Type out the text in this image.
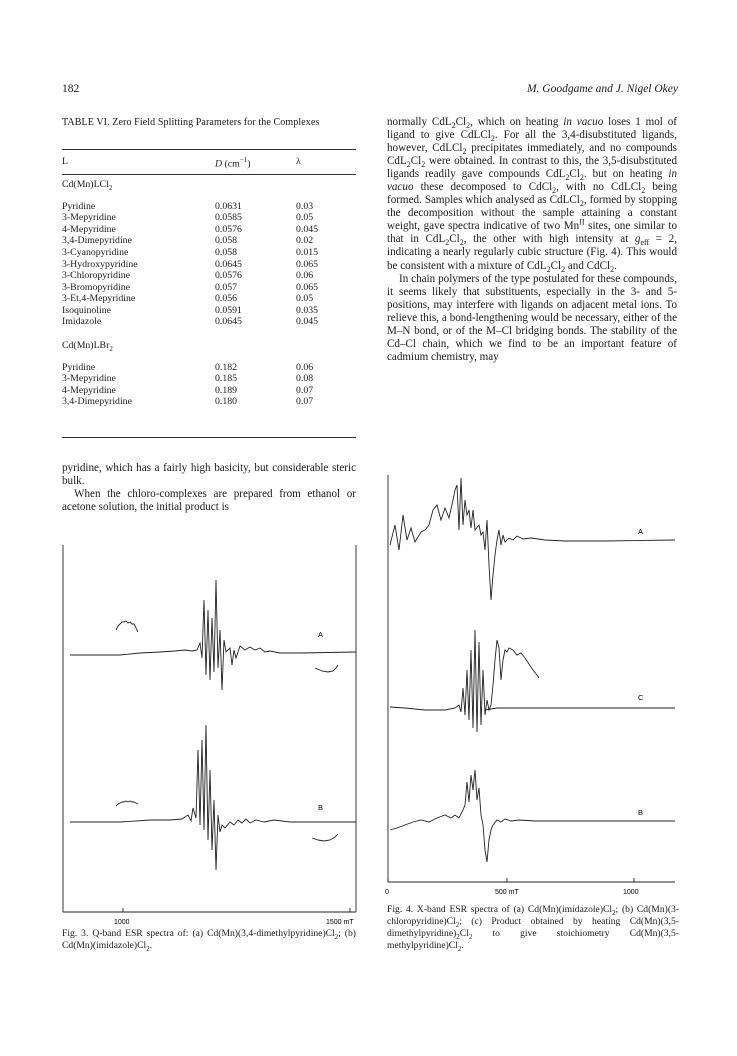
182	M. Goodgame and J. Nigel Okey
TABLE VI. Zero Field Splitting Parameters for the Complexes
L	D $(cm^{-1})$	λ
Cd(Mn)LCl$_2$

Pyridine	0.0631	0.03
3-Mepyridine	0.0585	0.05
4-Mepyridine	0.0576	0.045
3,4-Dimepyridine	0.058	0.02
3-Cyanopyridine	0.058	0.015
3-Hydroxypyridine	0.0645	0.065
3-Chloropyridine	0.0576	0.06
3-Bromopyridine	0.057	0.065
3-Et,4-Mepyridine	0.056	0.05
Isoquinoline	0.0591	0.035
Imidazole	0.0645	0.045

Cd(Mn)LBr$_2$

Pyridine	0.182	0.06
3-Mepyridine	0.185	0.08
4-Mepyridine	0.189	0.07
3,4-Dimepyridine	0.180	0.07

pyridine, which has a fairly high basicity, but considerable steric bulk.

When the chloro-complexes are prepared from ethanol or acetone solution, the initial product is

normally $CdL_2Cl_2$, which on heating in vacuo loses 1 mol of ligand to give CdLCl$_2$. For all the 3,4-disubstituted ligands, however, CdLCl$_2$ precipitates immediately, and no compounds $CdL_2Cl_2$ were obtained. In contrast to this, the 3,5-disubstituted ligands readily gave compounds $CdL_2Cl_2$. but on heating in vacuo these decomposed to CdCl$_2$, with no CdLCl$_2$ being formed. Samples which analysed as CdLCl$_2$, formed by stopping the decomposition without the sample attaining a constant weight, gave spectra indicative of two $Mn^{II}$ sites, one similar to that in $CdL_2Cl_2$, the other with high intensity at $g_{eff} = 2$, indicating a nearly regularly cubic structure (Fig. 4). This would be consistent with a mixture of $CdL_2Cl_2$ and CdCl$_2$.

In chain polymers of the type postulated for these compounds, it seems likely that substituents, especially in the 3- and 5-positions, may interfere with ligands on adjacent metal ions. To relieve this, a bond-lengthening would be necessary, either of the M–N bond, or of the M–Cl bridging bonds. The stability of the Cd–Cl chain, which we find to be an important feature of cadmium chemistry, may

A
B
1000	1500 mT
Fig. 3. Q-band ESR spectra of: (a) $Cd(Mn)(3,4-dimethylpyridine)Cl_2$; (b) $Cd(Mn)(imidazole)Cl_2$.
A
C
B
0	500 mT	1000
Fig. 4. X-band ESR spectra of (a) $Cd(Mn)(imidazole)Cl_2$; (b) $Cd(Mn)(3-chloropyridine)Cl_2$; (c) Product obtained by heating $Cd(Mn)(3,5-dimethylpyridine)_2Cl_2$ to give stoichiometry $Cd(Mn)(3,5-methylpyridine)Cl_2$.
